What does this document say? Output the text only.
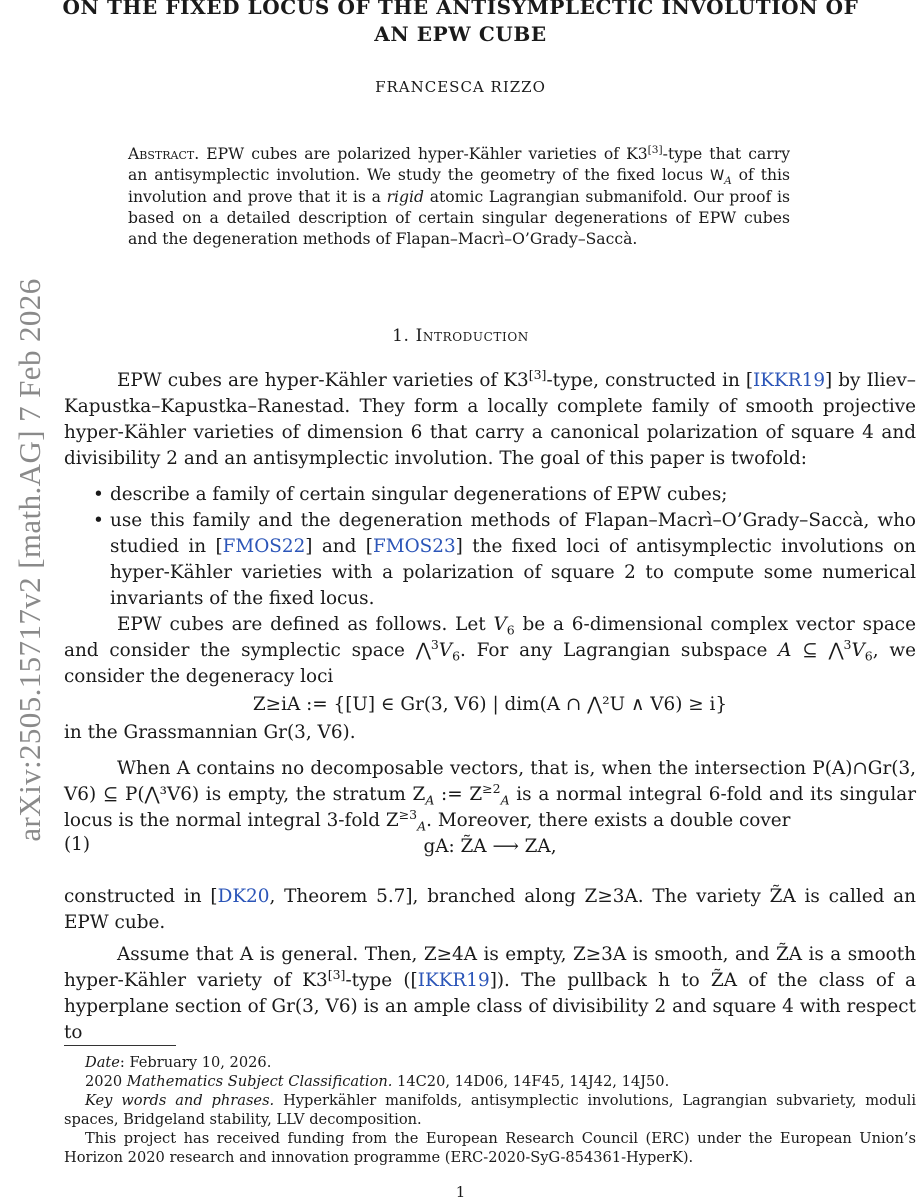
arXiv:2505.15717v2 [math.AG] 7 Feb 2026
ON THE FIXED LOCUS OF THE ANTISYMPLECTIC INVOLUTION OF
AN EPW CUBE
FRANCESCA RIZZO
Abstract. EPW cubes are polarized hyper-Kähler varieties of K3[3]-type that carry an antisymplectic involution. We study the geometry of the fixed locus $W_A$ of this involution and prove that it is a rigid atomic Lagrangian submanifold. Our proof is based on a detailed description of certain singular degenerations of EPW cubes and the degeneration methods of Flapan–Macrì–O’Grady–Saccà.
1. Introduction
EPW cubes are hyper-Kähler varieties of K3[3]-type, constructed in [IKKR19] by Iliev–Kapustka–Kapustka–Ranestad. They form a locally complete family of smooth projective hyper-Kähler varieties of dimension 6 that carry a canonical polarization of square 4 and divisibility 2 and an antisymplectic involution. The goal of this paper is twofold:
• describe a family of certain singular degenerations of EPW cubes;
• use this family and the degeneration methods of Flapan–Macrì–O’Grady–Saccà, who studied in [FMOS22] and [FMOS23] the fixed loci of antisymplectic involutions on hyper-Kähler varieties with a polarization of square 2 to compute some numerical invariants of the fixed locus.
EPW cubes are defined as follows. Let $V_6$ be a 6-dimensional complex vector space and consider the symplectic space $⋀^3V_6$. For any Lagrangian subspace A ⊆ $⋀^3V_6$, we consider the degeneracy loci
Z≥iA := {[U] ∈ Gr(3, V6) | dim(A ∩ ⋀²U ∧ V6) ≥ i}
in the Grassmannian Gr(3, V6).
When A contains no decomposable vectors, that is, when the intersection P(A)∩Gr(3, V6) ⊆ P(⋀³V6) is empty, the stratum $Z_A$ := $Z^{\ge 2}_A$ is a normal integral 6-fold and its singular locus is the normal integral 3-fold $Z^{\ge 3}_A$. Moreover, there exists a double cover
(1)	gA: Z̃A ⟶ ZA,
constructed in [DK20, Theorem 5.7], branched along Z≥3A. The variety Z̃A is called an EPW cube.
Assume that A is general. Then, Z≥4A is empty, Z≥3A is smooth, and Z̃A is a smooth hyper-Kähler variety of K3[3]-type ([IKKR19]). The pullback h to Z̃A of the class of a hyperplane section of Gr(3, V6) is an ample class of divisibility 2 and square 4 with respect to
Date: February 10, 2026.
2020 Mathematics Subject Classification. 14C20, 14D06, 14F45, 14J42, 14J50.
Key words and phrases. Hyperkähler manifolds, antisymplectic involutions, Lagrangian subvariety, moduli spaces, Bridgeland stability, LLV decomposition.
This project has received funding from the European Research Council (ERC) under the European Union’s Horizon 2020 research and innovation programme (ERC-2020-SyG-854361-HyperK).
1
